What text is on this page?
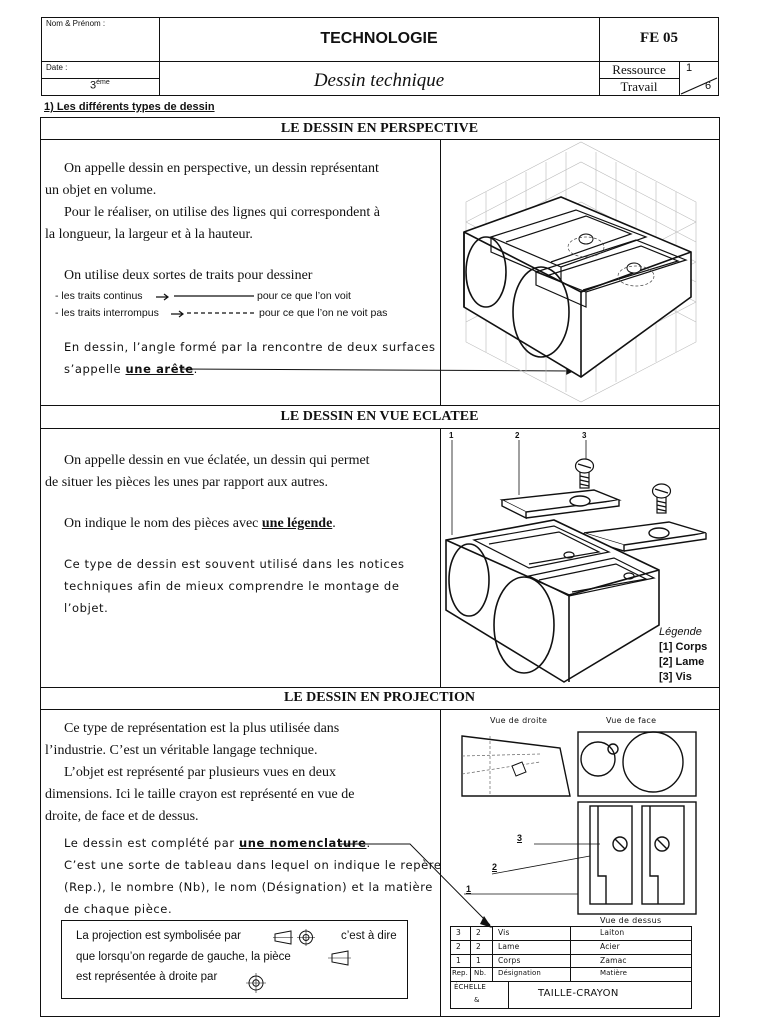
Nom & Prénom :
TECHNOLOGIE	FE 05
Date :
3ème	Dessin technique
Ressource
Travail
1
6
1) Les différents types de dessin
LE DESSIN EN PERSPECTIVE
On appelle dessin en perspective, un dessin représentant
un objet en volume.
Pour le réaliser, on utilise des lignes qui correspondent à
la longueur, la largeur et à la hauteur.
On utilise deux sortes de traits pour dessiner
- les traits continus	pour ce que l’on voit
- les traits interrompus	pour ce que l’on ne voit pas
En dessin, l’angle formé par la rencontre de deux surfaces
s’appelle une arête
LE DESSIN EN VUE ECLATEE
On appelle dessin en vue éclatée, un dessin qui permet
de situer les pièces les unes par rapport aux autres.
On indique le nom des pièces avec une légende.
Ce type de dessin est souvent utilisé dans les notices
techniques afin de mieux comprendre le montage de
l’objet.
1	2	3
Légende
[1] Corps
[2] Lame
[3] Vis
LE DESSIN EN PROJECTION
Ce type de représentation est la plus utilisée dans
l’industrie. C’est un véritable langage technique.
L’objet est représenté par plusieurs vues en deux
dimensions. Ici le taille crayon est représenté en vue de
droite, de face et de dessus.
Le dessin est complété par une nomenclature.
C’est une sorte de tableau dans lequel on indique le repère
(Rep.), le nombre (Nb), le nom (Désignation) et la matière
de chaque pièce.
La projection est symbolisée par	c’est à dire
que lorsqu’on regarde de gauche, la pièce
est représentée à droite par
Vue de droite	Vue de face
Vue de dessus
3
2
1
3 2 Vis	Laiton
2 2 Lame	Acier
1 1 Corps	Zamac
Rep. Nb. Désignation	Matière
ÉCHELLE
&
TAILLE-CRAYON
